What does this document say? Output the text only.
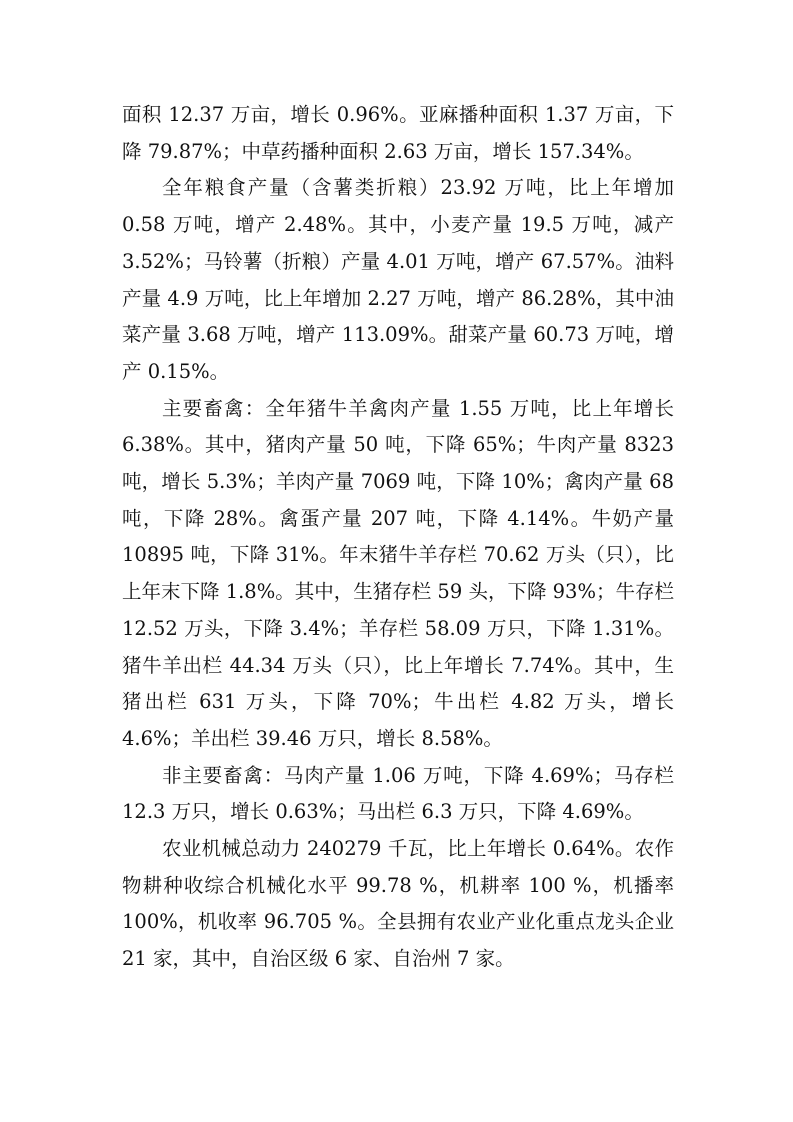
面积 12.37 万亩，增长 0.96%。亚麻播种面积 1.37 万亩，下降 79.87%；中草药播种面积 2.63 万亩，增长 157.34%。

全年粮食产量（含薯类折粮）23.92 万吨，比上年增加 0.58 万吨，增产 2.48%。其中，小麦产量 19.5 万吨，减产 3.52%；马铃薯（折粮）产量 4.01 万吨，增产 67.57%。油料产量 4.9 万吨，比上年增加 2.27 万吨，增产 86.28%，其中油菜产量 3.68 万吨，增产 113.09%。甜菜产量 60.73 万吨，增产 0.15%。

主要畜禽：全年猪牛羊禽肉产量 1.55 万吨，比上年增长 6.38%。其中，猪肉产量 50 吨，下降 65%；牛肉产量 8323 吨，增长 5.3%；羊肉产量 7069 吨，下降 10%；禽肉产量 68 吨，下降 28%。禽蛋产量 207 吨，下降 4.14%。牛奶产量 10895 吨，下降 31%。年末猪牛羊存栏 70.62 万头（只），比上年末下降 1.8%。其中，生猪存栏 59 头，下降 93%；牛存栏 12.52 万头，下降 3.4%；羊存栏 58.09 万只，下降 1.31%。猪牛羊出栏 44.34 万头（只），比上年增长 7.74%。其中，生猪出栏 631 万头，下降 70%；牛出栏 4.82 万头，增长 4.6%；羊出栏 39.46 万只，增长 8.58%。

非主要畜禽：马肉产量 1.06 万吨，下降 4.69%；马存栏 12.3 万只，增长 0.63%；马出栏 6.3 万只，下降 4.69%。

农业机械总动力 240279 千瓦，比上年增长 0.64%。农作物耕种收综合机械化水平 99.78 %，机耕率 100 %，机播率 100%，机收率 96.705 %。全县拥有农业产业化重点龙头企业 21 家，其中，自治区级 6 家、自治州 7 家。
